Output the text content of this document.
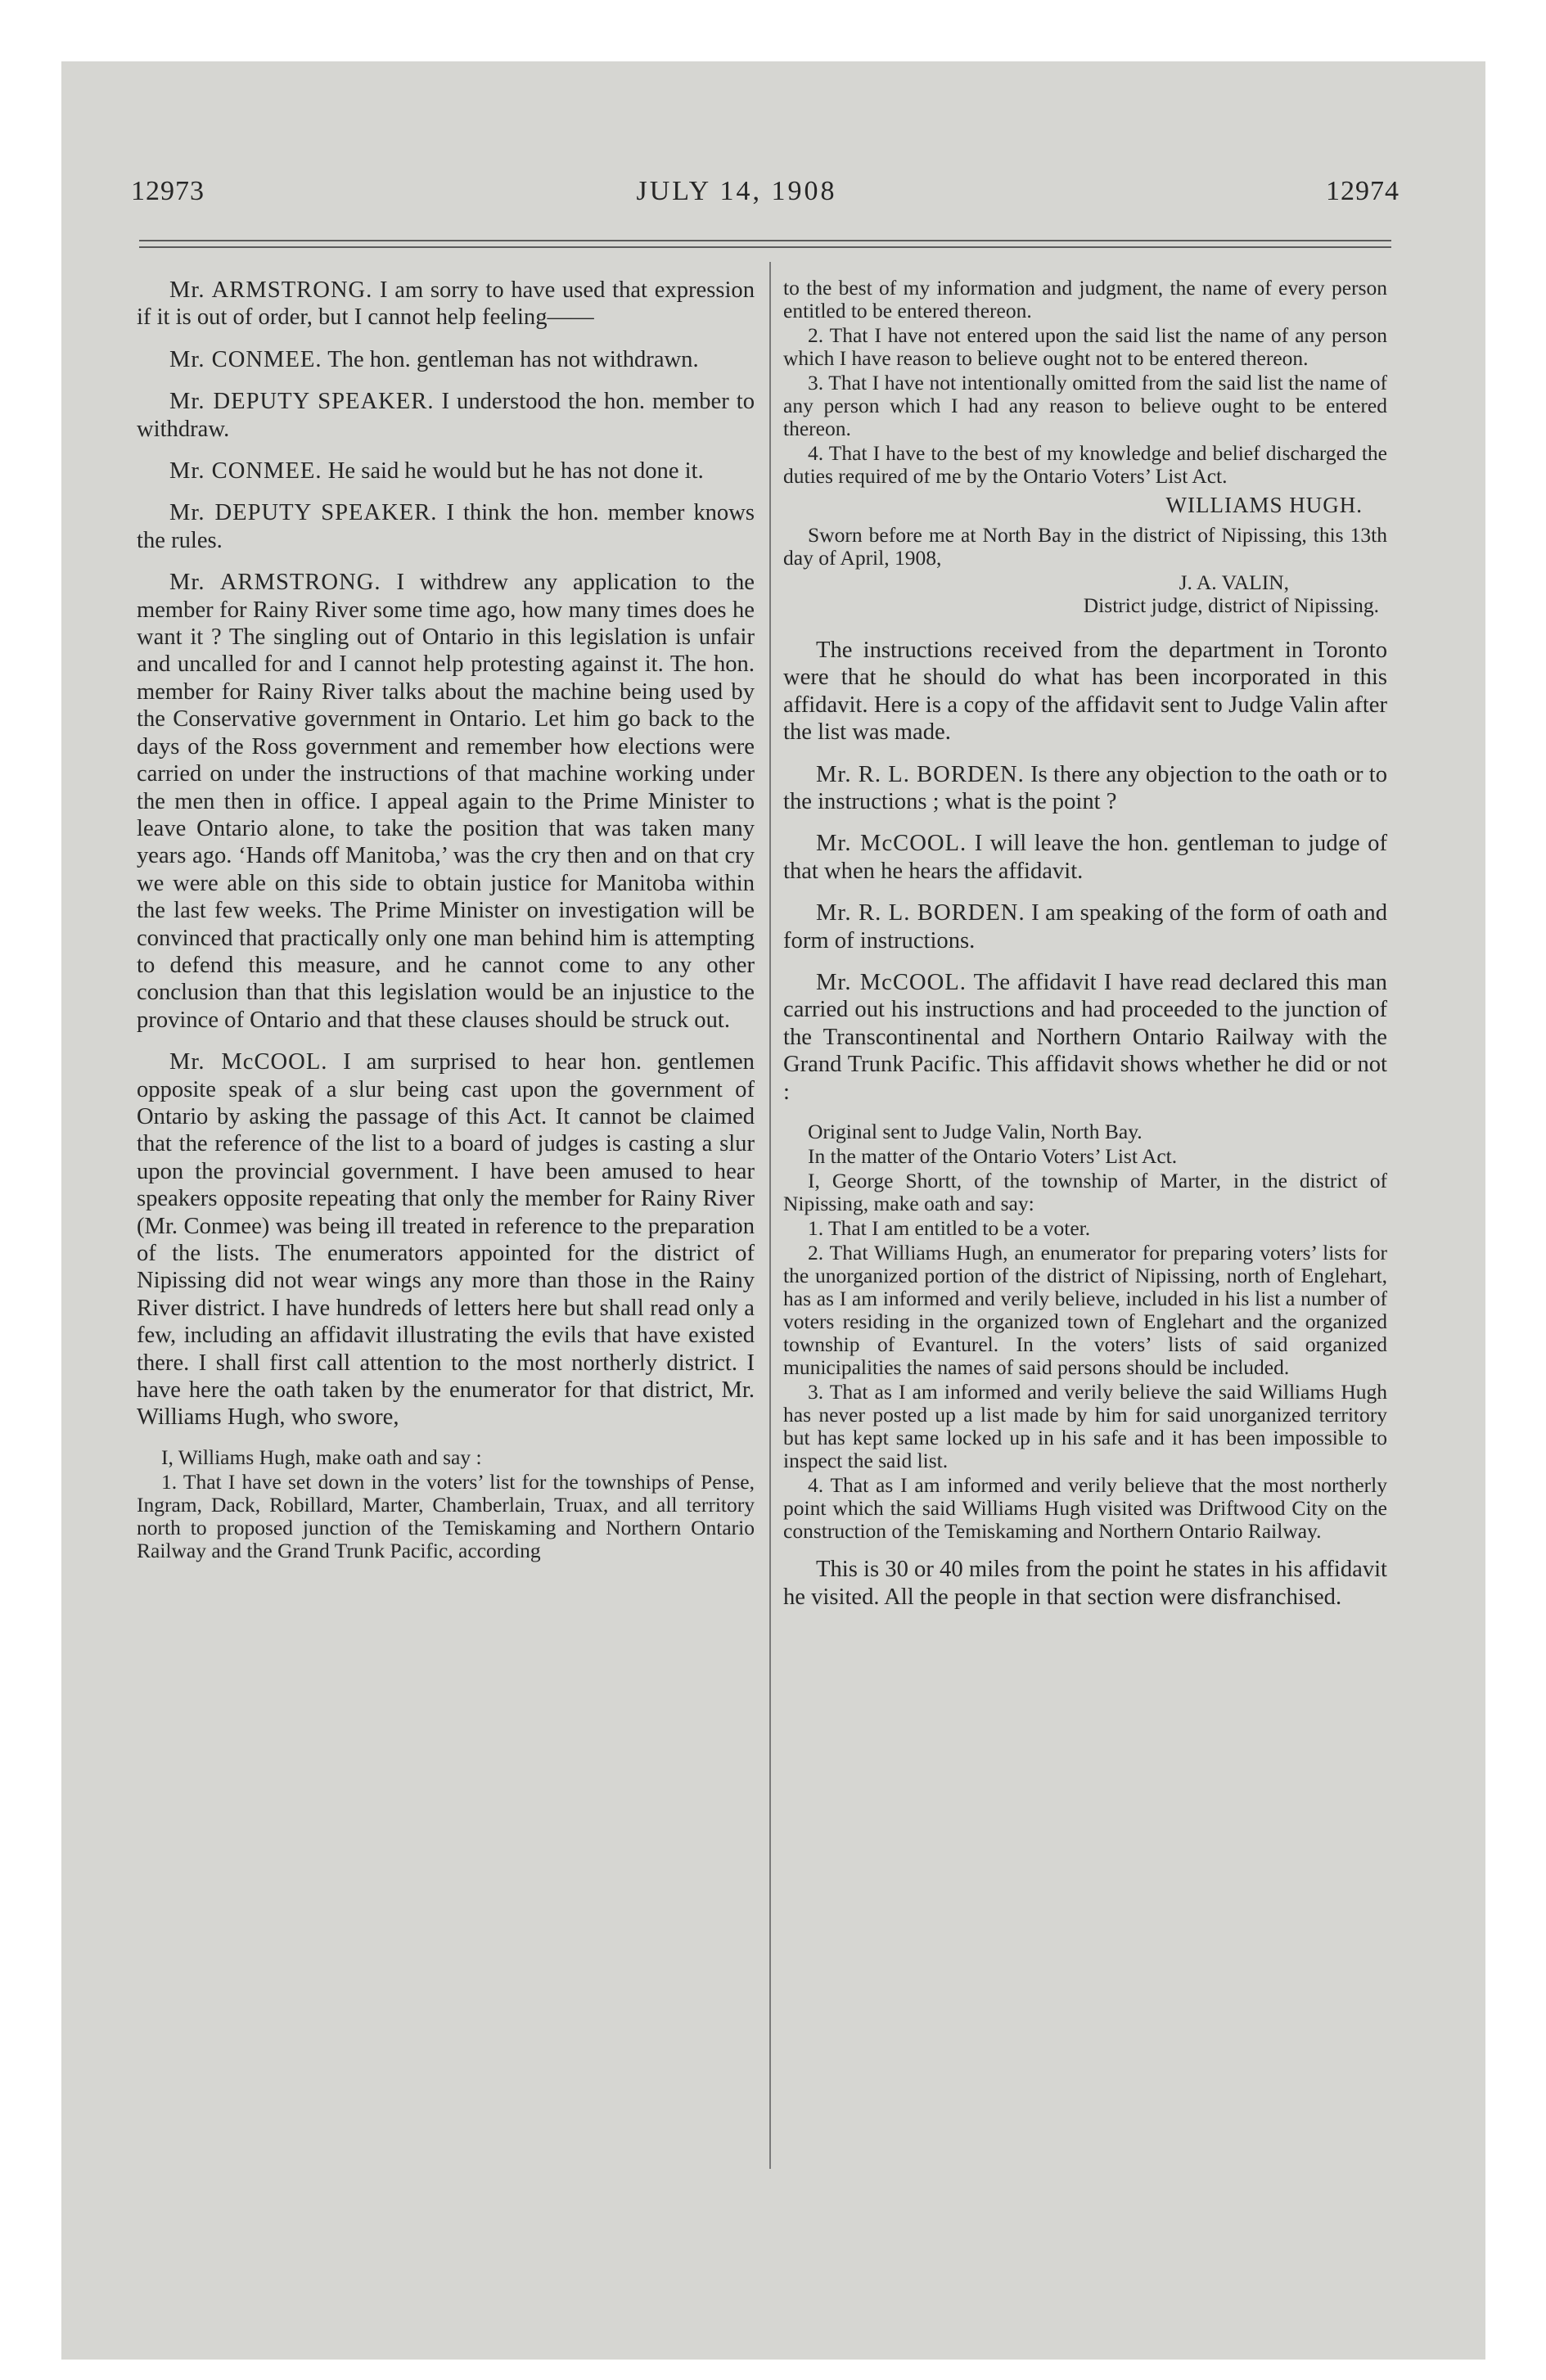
12973	JULY 14, 1908	12974

Mr. ARMSTRONG. I am sorry to have used that expression if it is out of order, but I cannot help feeling——

Mr. CONMEE. The hon. gentleman has not withdrawn.

Mr. DEPUTY SPEAKER. I understood the hon. member to withdraw.

Mr. CONMEE. He said he would but he has not done it.

Mr. DEPUTY SPEAKER. I think the hon. member knows the rules.

Mr. ARMSTRONG. I withdrew any application to the member for Rainy River some time ago, how many times does he want it ? The singling out of Ontario in this legislation is unfair and uncalled for and I cannot help protesting against it. The hon. member for Rainy River talks about the machine being used by the Conservative government in Ontario. Let him go back to the days of the Ross government and remember how elections were carried on under the instructions of that machine working under the men then in office. I appeal again to the Prime Minister to leave Ontario alone, to take the position that was taken many years ago. ‘Hands off Manitoba,’ was the cry then and on that cry we were able on this side to obtain justice for Manitoba within the last few weeks. The Prime Minister on investigation will be convinced that practically only one man behind him is attempting to defend this measure, and he cannot come to any other conclusion than that this legislation would be an injustice to the province of Ontario and that these clauses should be struck out.

Mr. McCOOL. I am surprised to hear hon. gentlemen opposite speak of a slur being cast upon the government of Ontario by asking the passage of this Act. It cannot be claimed that the reference of the list to a board of judges is casting a slur upon the provincial government. I have been amused to hear speakers opposite repeating that only the member for Rainy River (Mr. Conmee) was being ill treated in reference to the preparation of the lists. The enumerators appointed for the district of Nipissing did not wear wings any more than those in the Rainy River district. I have hundreds of letters here but shall read only a few, including an affidavit illustrating the evils that have existed there. I shall first call attention to the most northerly district. I have here the oath taken by the enumerator for that district, Mr. Williams Hugh, who swore,

I, Williams Hugh, make oath and say :

1. That I have set down in the voters’ list for the townships of Pense, Ingram, Dack, Robillard, Marter, Chamberlain, Truax, and all territory north to proposed junction of the Temiskaming and Northern Ontario Railway and the Grand Trunk Pacific, according

to the best of my information and judgment, the name of every person entitled to be entered thereon.

2. That I have not entered upon the said list the name of any person which I have reason to believe ought not to be entered thereon.

3. That I have not intentionally omitted from the said list the name of any person which I had any reason to believe ought to be entered thereon.

4. That I have to the best of my knowledge and belief discharged the duties required of me by the Ontario Voters’ List Act.

WILLIAMS HUGH.

Sworn before me at North Bay in the district of Nipissing, this 13th day of April, 1908,

J. A. VALIN,

District judge, district of Nipissing.

The instructions received from the department in Toronto were that he should do what has been incorporated in this affidavit. Here is a copy of the affidavit sent to Judge Valin after the list was made.

Mr. R. L. BORDEN. Is there any objection to the oath or to the instructions ; what is the point ?

Mr. McCOOL. I will leave the hon. gentleman to judge of that when he hears the affidavit.

Mr. R. L. BORDEN. I am speaking of the form of oath and form of instructions.

Mr. McCOOL. The affidavit I have read declared this man carried out his instructions and had proceeded to the junction of the Transcontinental and Northern Ontario Railway with the Grand Trunk Pacific. This affidavit shows whether he did or not :

Original sent to Judge Valin, North Bay.

In the matter of the Ontario Voters’ List Act.

I, George Shortt, of the township of Marter, in the district of Nipissing, make oath and say:

1. That I am entitled to be a voter.

2. That Williams Hugh, an enumerator for preparing voters’ lists for the unorganized portion of the district of Nipissing, north of Englehart, has as I am informed and verily believe, included in his list a number of voters residing in the organized town of Englehart and the organized township of Evanturel. In the voters’ lists of said organized municipalities the names of said persons should be included.

3. That as I am informed and verily believe the said Williams Hugh has never posted up a list made by him for said unorganized territory but has kept same locked up in his safe and it has been impossible to inspect the said list.

4. That as I am informed and verily believe that the most northerly point which the said Williams Hugh visited was Driftwood City on the construction of the Temiskaming and Northern Ontario Railway.

This is 30 or 40 miles from the point he states in his affidavit he visited. All the people in that section were disfranchised.
